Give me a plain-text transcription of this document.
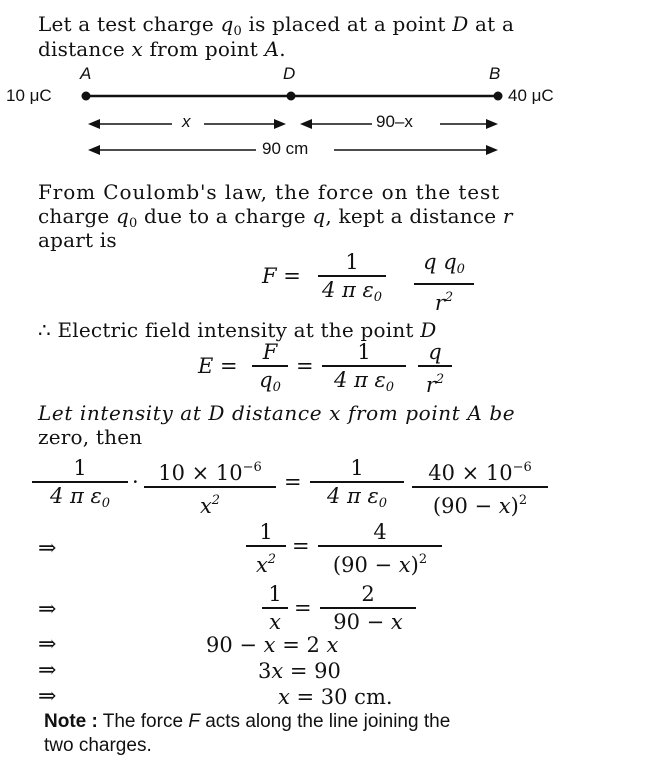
Let a test charge $q_0$ is placed at a point D at a
distance x from point A.
A	D	B
10 μC	40 μC
x	90–x
90 cm
From Coulomb's law, the force on the test
charge $q_0$ due to a charge q, kept a distance r
apart is
F =
1
4 π $\varepsilon_0$
q $q_0$
$r^2$
∴ Electric field intensity at the point D
E =
F
$q_0$
=
1
4 π $\varepsilon_0$
q
$r^2$
Let intensity at D distance x from point A be
zero, then
1
4 π $\varepsilon_0$
· $10 \times 10^{-6}$
$x^2$
=
1
4 π $\varepsilon_0$
$40 \times 10^{-6}$
$(90 - x)^2$
⇒
1
$x^2$
=
4
$(90 - x)^2$
⇒
1
x
=
2
90 − x
⇒	90 − x = 2 x
⇒	3x = 90
⇒	x = 30 cm.
Note : The force F acts along the line joining the
two charges.
